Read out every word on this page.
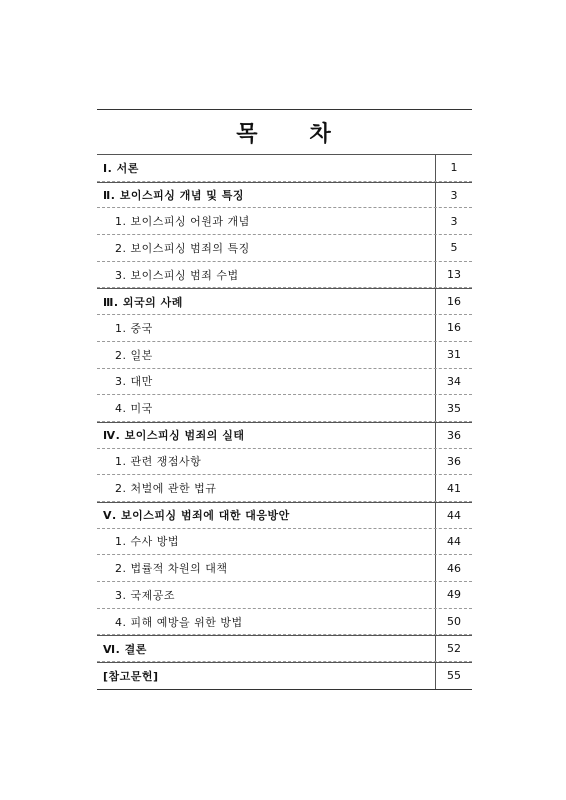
목 차
Ⅰ. 서론	1
Ⅱ. 보이스피싱 개념 및 특징	3
1. 보이스피싱 어원과 개념	3
2. 보이스피싱 범죄의 특징	5
3. 보이스피싱 범죄 수법	13
Ⅲ. 외국의 사례	16
1. 중국	16
2. 일본	31
3. 대만	34
4. 미국	35
Ⅳ. 보이스피싱 범죄의 실태	36
1. 관련 쟁점사항	36
2. 처벌에 관한 법규	41
Ⅴ. 보이스피싱 범죄에 대한 대응방안	44
1. 수사 방법	44
2. 법률적 차원의 대책	46
3. 국제공조	49
4. 피해 예방을 위한 방법	50
Ⅵ. 결론	52
[참고문헌]	55
